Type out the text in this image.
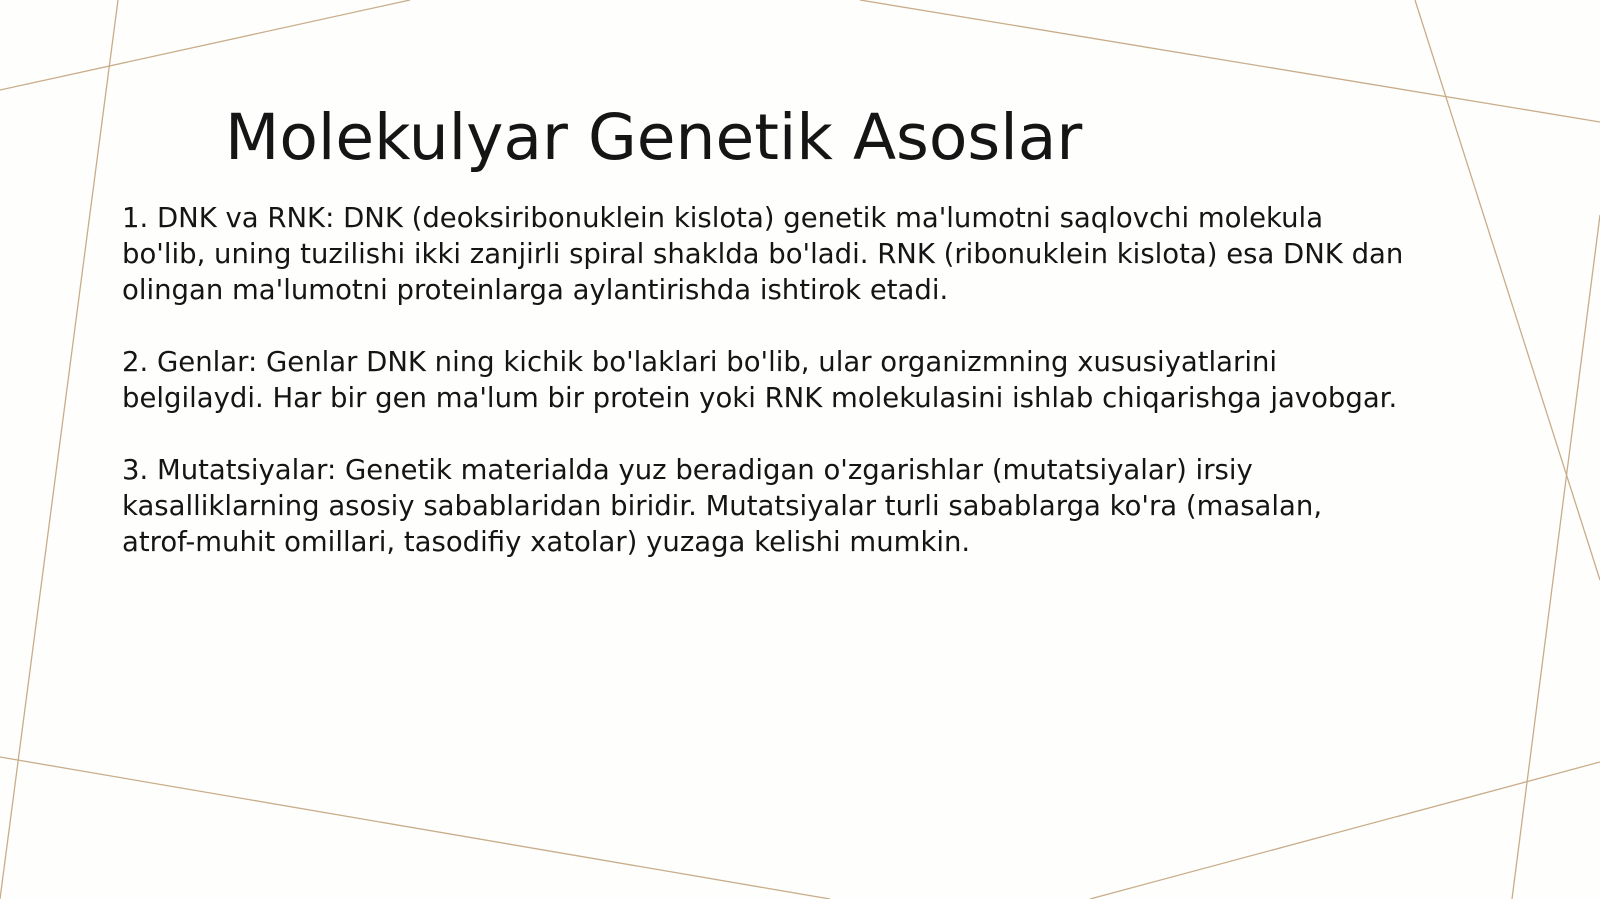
Molekulyar Genetik Asoslar

1. DNK va RNK: DNK (deoksiribonuklein kislota) genetik ma'lumotni saqlovchi molekula
bo'lib, uning tuzilishi ikki zanjirli spiral shaklda bo'ladi. RNK (ribonuklein kislota) esa DNK dan
olingan ma'lumotni proteinlarga aylantirishda ishtirok etadi.

2. Genlar: Genlar DNK ning kichik bo'laklari bo'lib, ular organizmning xususiyatlarini
belgilaydi. Har bir gen ma'lum bir protein yoki RNK molekulasini ishlab chiqarishga javobgar.

3. Mutatsiyalar: Genetik materialda yuz beradigan o'zgarishlar (mutatsiyalar) irsiy
kasalliklarning asosiy sabablaridan biridir. Mutatsiyalar turli sabablarga ko'ra (masalan,
atrof-muhit omillari, tasodifiy xatolar) yuzaga kelishi mumkin.
